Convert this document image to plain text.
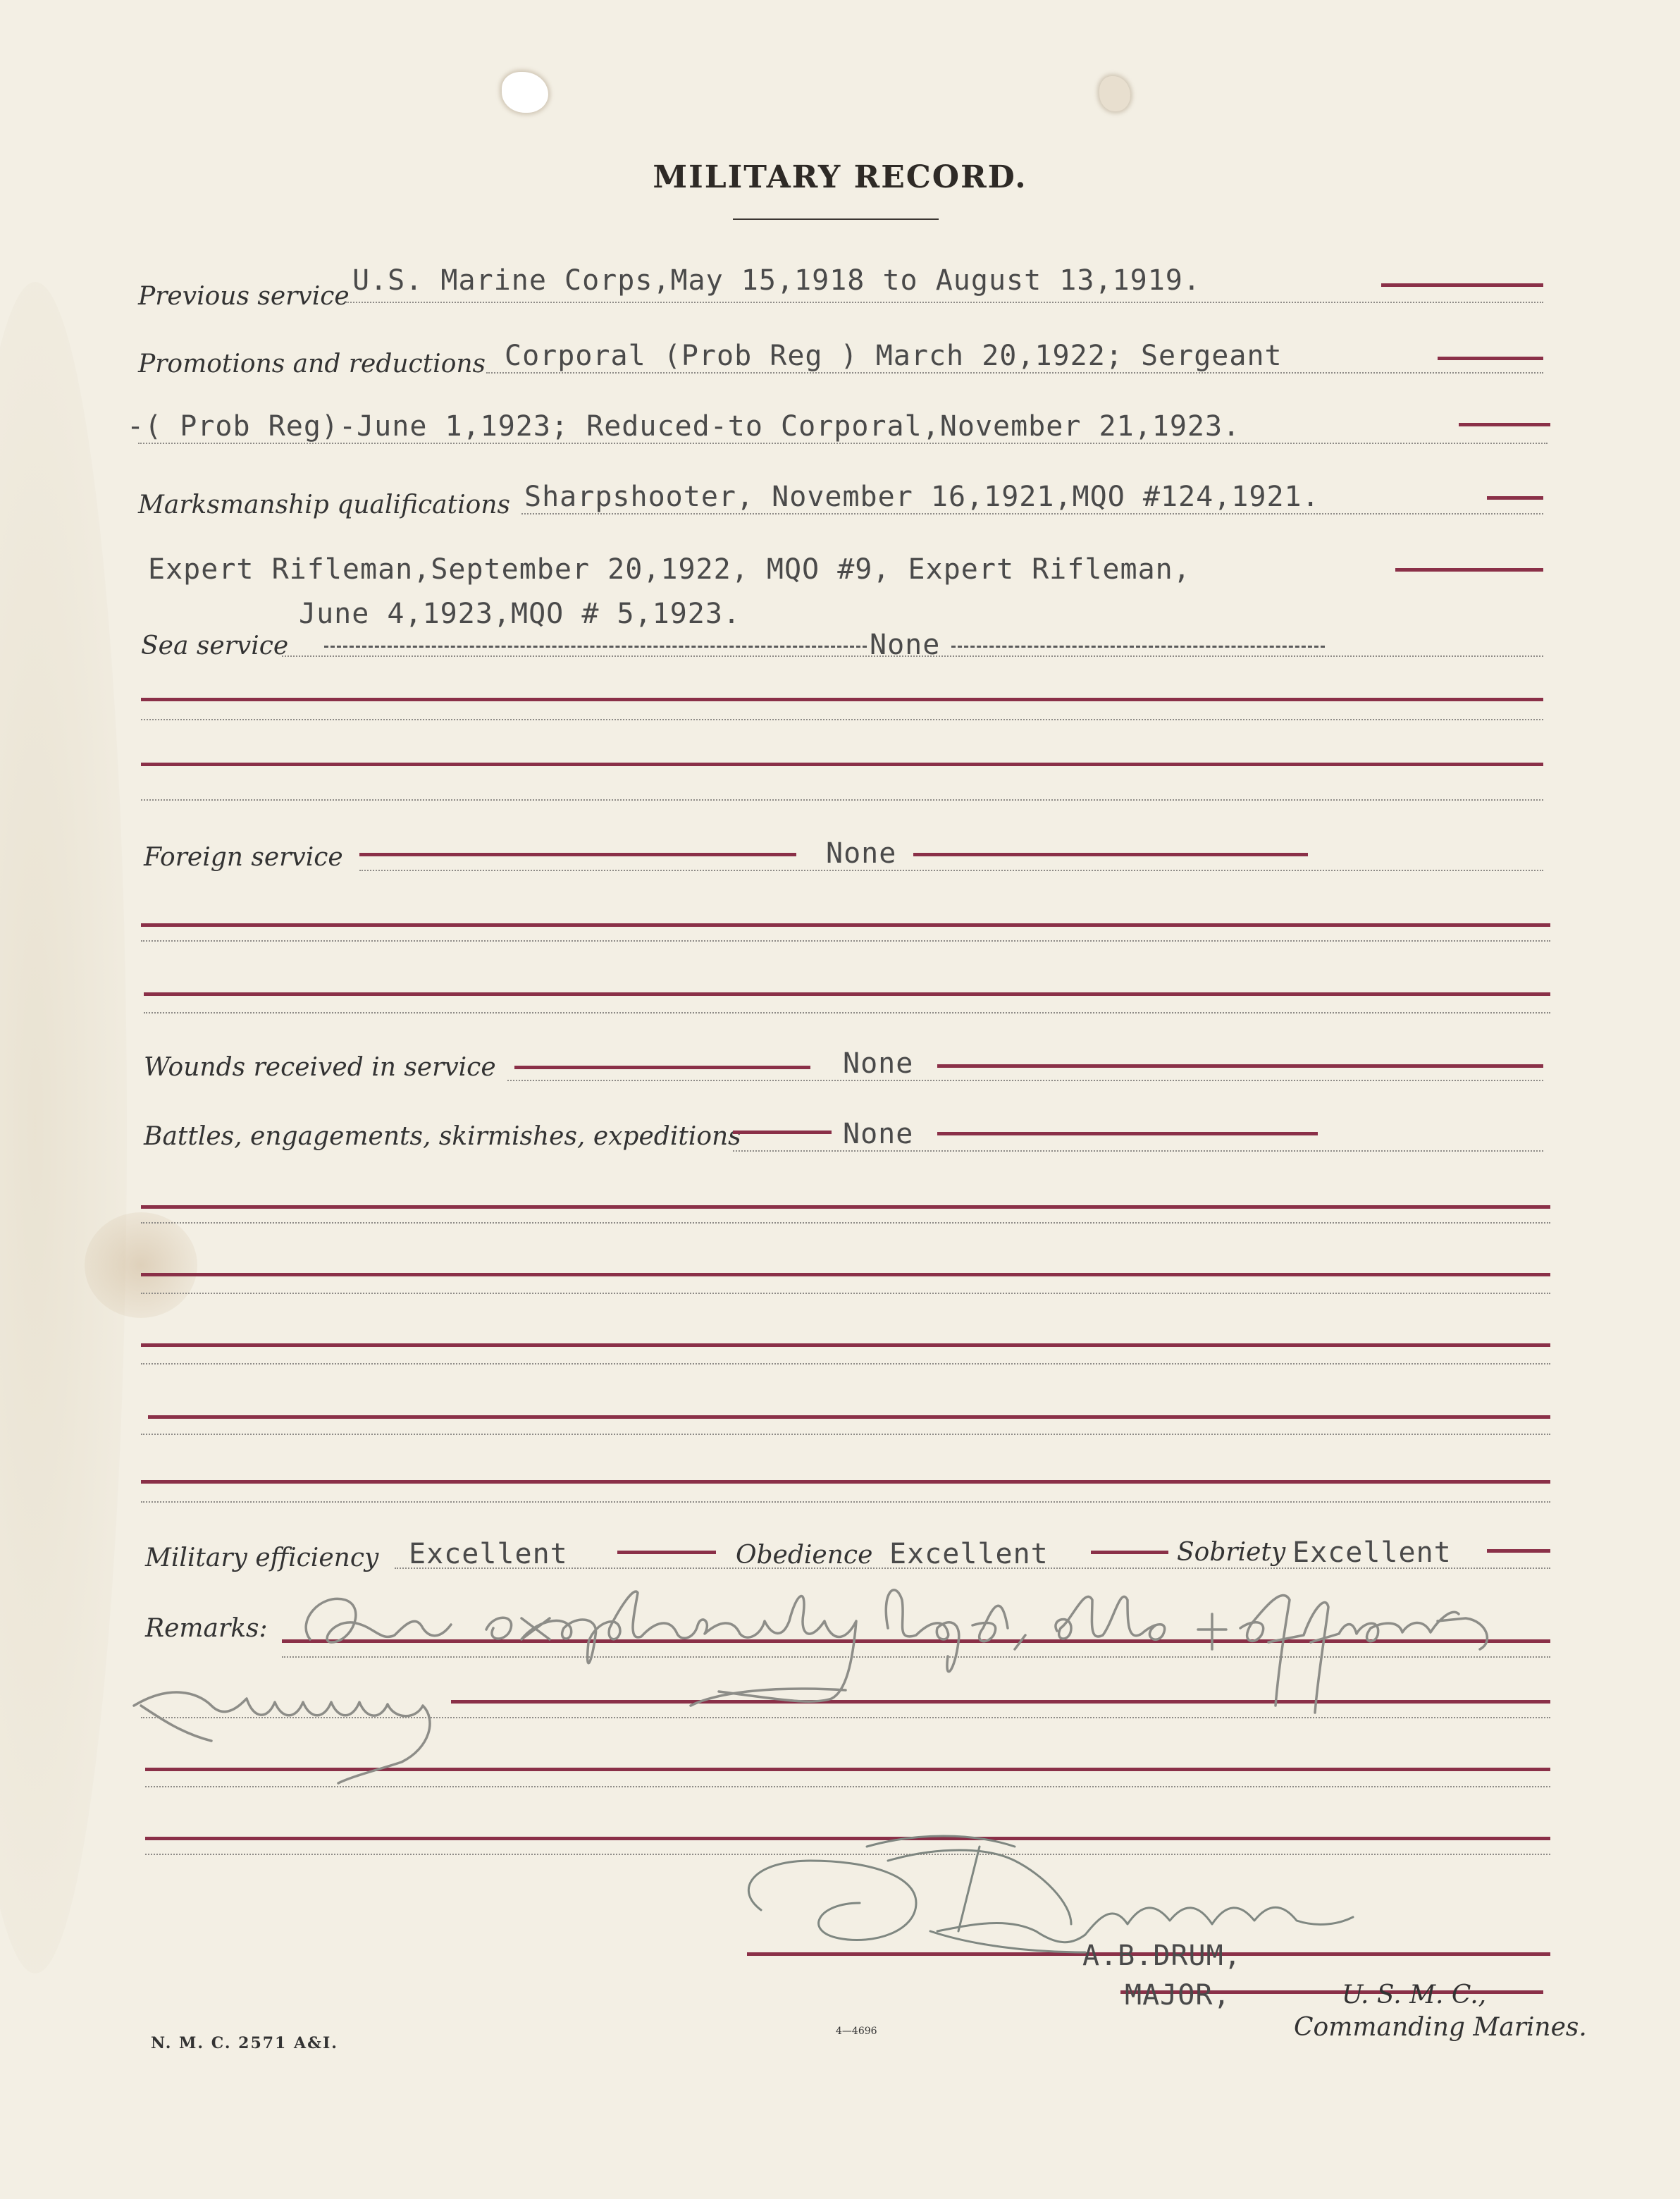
MILITARY RECORD.
Previous service U.S. Marine Corps,May 15,1918 to August 13,1919.
Promotions and reductions Corporal (Prob Reg ) March 20,1922; Sergeant
-( Prob Reg)-June 1,1923; Reduced-to Corporal,November 21,1923.
Marksmanship qualifications Sharpshooter, November 16,1921,MQO #124,1921.
Expert Rifleman,September 20,1922, MQO #9, Expert Rifleman,
June 4,1923,MQO # 5,1923.
Sea service	None
Foreign service	None
Wounds received in service	None
Battles, engagements, skirmishes, expeditions	None
Military efficiency Excellent	Obedience Excellent	Sobriety Excellent
Remarks:
A.B.DRUM,
MAJOR,	U. S. M. C.,
Commanding Marines.
N. M. C. 2571 A&I.
4—4696
